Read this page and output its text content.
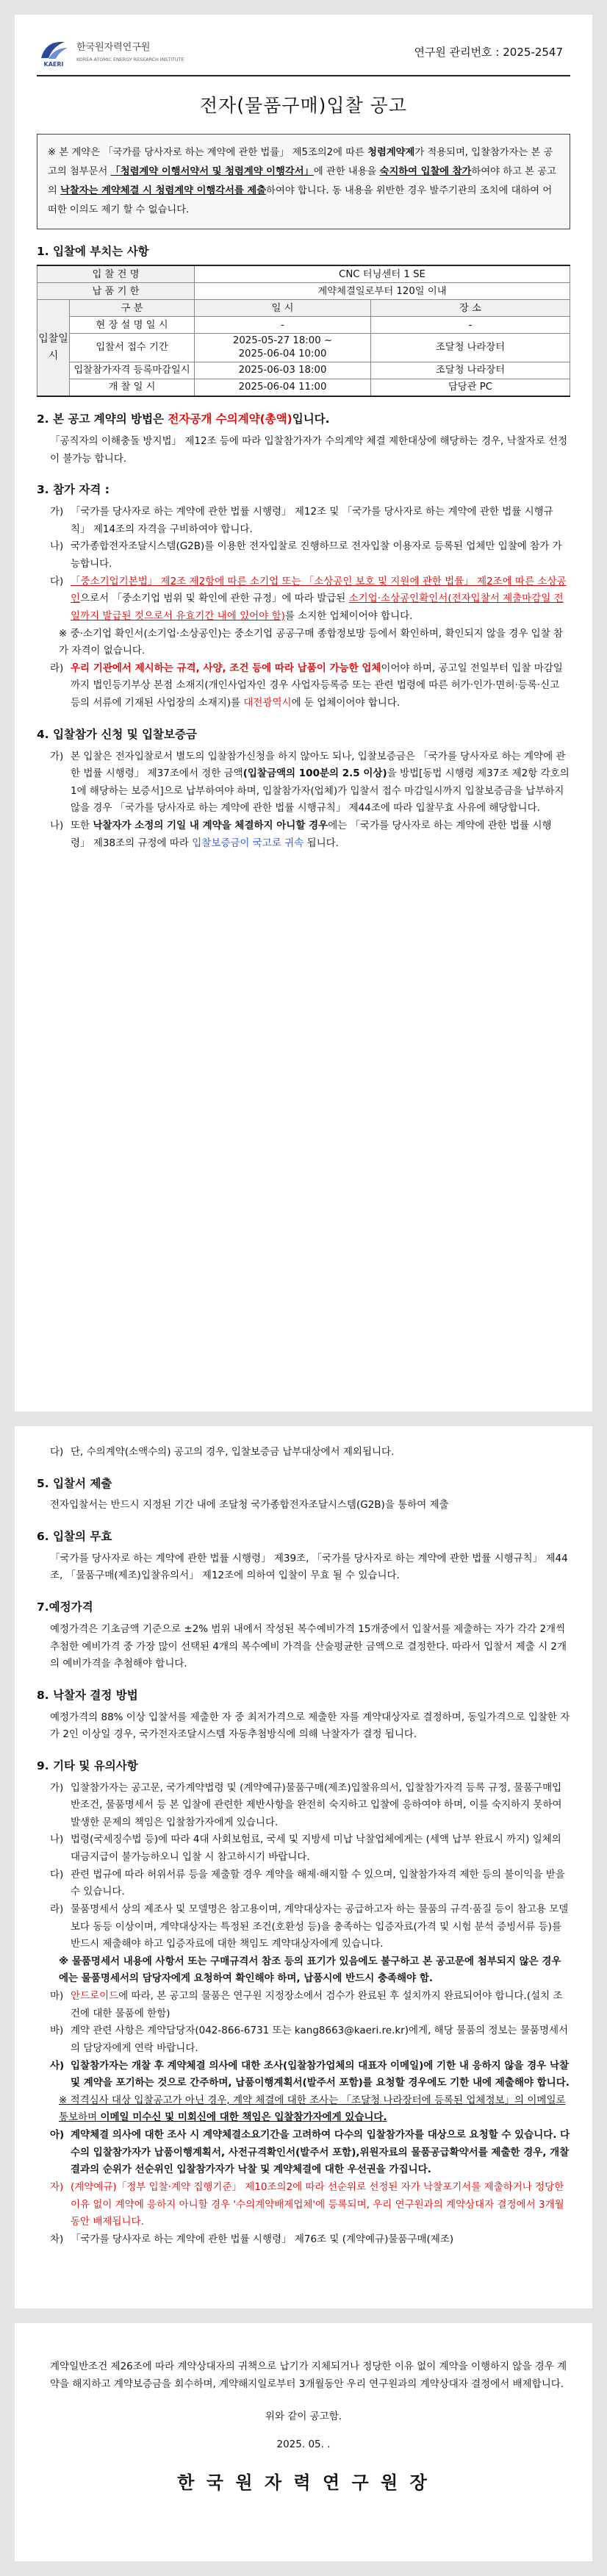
KAERI
한국원자력연구원
KOREA ATOMIC ENERGY RESEARCH INSTITUTE
연구원 관리번호 : 2025-2547
전자(물품구매)입찰 공고
※ 본 계약은 「국가를 당사자로 하는 계약에 관한 법률」 제5조의2에 따른 청렴계약제가 적용되며, 입찰참가자는 본 공고의 첨부문서 「청렴계약 이행서약서 및 청렴계약 이행각서」에 관한 내용을 숙지하여 입찰에 참가하여야 하고 본 공고의 낙찰자는 계약체결 시 청렴계약 이행각서를 제출하여야 합니다. 동 내용을 위반한 경우 발주기관의 조치에 대하여 어떠한 이의도 제기 할 수 없습니다.
1. 입찰에 부치는 사항
입 찰 건 명		CNC 터닝센터 1 SE	
납 품 기 한		계약체결일로부터 120일 이내	
입찰일시	구 분	일 시	장 소
	현 장 설 명 일 시	-	-
	입찰서 접수 기간	2025-05-27 18:00 ~
2025-06-04 10:00	조달청 나라장터
	입찰참가자격 등록마감일시	2025-06-03 18:00	조달청 나라장터
	개 찰 일 시	2025-06-04 11:00	담당관 PC
2. 본 공고 계약의 방법은 전자공개 수의계약(총액)입니다.

「공직자의 이해충돌 방지법」 제12조 등에 따라 입찰참가자가 수의계약 체결 제한대상에 해당하는 경우, 낙찰자로 선정이 불가능 합니다.

3. 참가 자격 :
가) 「국가를 당사자로 하는 계약에 관한 법률 시행령」 제12조 및 「국가를 당사자로 하는 계약에 관한 법률 시행규칙」 제14조의 자격을 구비하여야 합니다.
나) 국가종합전자조달시스템(G2B)를 이용한 전자입찰로 진행하므로 전자입찰 이용자로 등록된 업체만 입찰에 참가 가능합니다.
다) 「중소기업기본법」 제2조 제2항에 따른 소기업 또는 「소상공인 보호 및 지원에 관한 법률」 제2조에 따른 소상공인으로서 「중소기업 범위 및 확인에 관한 규정」에 따라 발급된 소기업·소상공인확인서(전자입찰서 제출마감일 전일까지 발급된 것으로서 유효기간 내에 있어야 함)를 소지한 업체이어야 합니다.
※ 중·소기업 확인서(소기업·소상공인)는 중소기업 공공구매 종합정보망 등에서 확인하며, 확인되지 않을 경우 입찰 참가 자격이 없습니다.
라) 우리 기관에서 제시하는 규격, 사양, 조건 등에 따라 납품이 가능한 업체이어야 하며, 공고일 전일부터 입찰 마감일까지 법인등기부상 본점 소재지(개인사업자인 경우 사업자등록증 또는 관련 법령에 따른 허가·인가·면허·등록·신고 등의 서류에 기재된 사업장의 소재지)를 대전광역시에 둔 업체이어야 합니다.
4. 입찰참가 신청 및 입찰보증금
가) 본 입찰은 전자입찰로서 별도의 입찰참가신청을 하지 않아도 되나, 입찰보증금은 「국가를 당사자로 하는 계약에 관한 법률 시행령」 제37조에서 정한 금액(입찰금액의 100분의 2.5 이상)을 방법[동법 시행령 제37조 제2항 각호의 1에 해당하는 보증서]으로 납부하여야 하며, 입찰참가자(업체)가 입찰서 접수 마감일시까지 입찰보증금을 납부하지 않을 경우 「국가를 당사자로 하는 계약에 관한 법률 시행규칙」 제44조에 따라 입찰무효 사유에 해당합니다.
나) 또한 낙찰자가 소정의 기일 내 계약을 체결하지 아니할 경우에는 「국가를 당사자로 하는 계약에 관한 법률 시행령」 제38조의 규정에 따라 입찰보증금이 국고로 귀속 됩니다.
다) 단, 수의계약(소액수의) 공고의 경우, 입찰보증금 납부대상에서 제외됩니다.
5. 입찰서 제출

전자입찰서는 반드시 지정된 기간 내에 조달청 국가종합전자조달시스템(G2B)을 통하여 제출

6. 입찰의 무효

「국가를 당사자로 하는 계약에 관한 법률 시행령」 제39조, 「국가를 당사자로 하는 계약에 관한 법률 시행규칙」 제44조, 「물품구매(제조)입찰유의서」 제12조에 의하여 입찰이 무효 될 수 있습니다.

7.예정가격

예정가격은 기초금액 기준으로 ±2% 범위 내에서 작성된 복수예비가격 15개중에서 입찰서를 제출하는 자가 각각 2개씩 추첨한 예비가격 중 가장 많이 선택된 4개의 복수예비 가격을 산술평균한 금액으로 결정한다. 따라서 입찰서 제출 시 2개의 예비가격을 추첨해야 합니다.

8. 낙찰자 결정 방법

예정가격의 88% 이상 입찰서를 제출한 자 중 최저가격으로 제출한 자를 계약대상자로 결정하며, 동일가격으로 입찰한 자가 2인 이상일 경우, 국가전자조달시스템 자동추첨방식에 의해 낙찰자가 결정 됩니다.

9. 기타 및 유의사항
가) 입찰참가자는 공고문, 국가계약법령 및 (계약예규)물품구매(제조)입찰유의서, 입찰참가자격 등록 규정, 물품구매입반조건, 물품명세서 등 본 입찰에 관련한 제반사항을 완전히 숙지하고 입찰에 응하여야 하며, 이를 숙지하지 못하여 발생한 문제의 책임은 입찰참가자에게 있습니다.
나) 법령(국세징수법 등)에 따라 4대 사회보험료, 국세 및 지방세 미납 낙찰업체에게는 (세액 납부 완료시 까지) 일체의 대금지급이 불가능하오니 입찰 시 참고하시기 바랍니다.
다) 관련 법규에 따라 허위서류 등을 제출할 경우 계약을 해제·해지할 수 있으며, 입찰참가자격 제한 등의 불이익을 받을 수 있습니다.
라) 물품명세서 상의 제조사 및 모델명은 참고용이며, 계약대상자는 공급하고자 하는 물품의 규격·품질 등이 참고용 모델보다 동등 이상이며, 계약대상자는 특정된 조건(호환성 등)을 충족하는 입증자료(가격 및 시험 분석 증빙서류 등)를 반드시 제출해야 하고 입증자료에 대한 책임도 계약대상자에게 있습니다.
※ 물품명세서 내용에 사항서 또는 구매규격서 참조 등의 표기가 있음에도 불구하고 본 공고문에 첨부되지 않은 경우에는 물품명세서의 담당자에게 요청하여 확인해야 하며, 납품시에 반드시 충족해야 함.
마) 안드로이드에 따라, 본 공고의 물품은 연구원 지정장소에서 검수가 완료된 후 설치까지 완료되어야 합니다.(설치 조건에 대한 물품에 한함)
바) 계약 관련 사항은 계약담당자(042-866-6731 또는 kang8663@kaeri.re.kr)에게, 해당 물품의 정보는 물품명세서의 담당자에게 연락 바랍니다.
사) 입찰참가자는 개찰 후 계약체결 의사에 대한 조사(입찰참가업체의 대표자 이메일)에 기한 내 응하지 않을 경우 낙찰 및 계약을 포기하는 것으로 간주하며, 납품이행계획서(발주서 포함)를 요청할 경우에도 기한 내에 제출해야 합니다.
※ 적격심사 대상 입찰공고가 아닌 경우, 계약 체결에 대한 조사는 「조달청 나라장터에 등록된 업체정보」의 이메일로 통보하며 이메일 미수신 및 미회신에 대한 책임은 입찰참가자에게 있습니다.
아) 계약체결 의사에 대한 조사 시 계약체결소요기간을 고려하여 다수의 입찰참가자를 대상으로 요청할 수 있습니다. 다수의 입찰참가자가 납품이행계획서, 사전규격확인서(발주서 포함),위원자료의 물품공급확약서를 제출한 경우, 개찰결과의 순위가 선순위인 입찰참가자가 낙찰 및 계약체결에 대한 우선권을 가집니다.
자) (계약예규)「정부 입찰·계약 집행기준」 제10조의2에 따라 선순위로 선정된 자가 낙찰포기서를 제출하거나 정당한 이유 없이 계약에 응하지 아니할 경우 '수의계약배제업체'에 등록되며, 우리 연구원과의 계약상대자 결정에서 3개월동안 배제됩니다.
차) 「국가를 당사자로 하는 계약에 관한 법률 시행령」 제76조 및 (계약예규)물품구매(제조)

계약일반조건 제26조에 따라 계약상대자의 귀책으로 납기가 지체되거나 정당한 이유 없이 계약을 이행하지 않을 경우 계약을 해지하고 계약보증금을 회수하며, 계약해지일로부터 3개월동안 우리 연구원과의 계약상대자 결정에서 배제합니다.

위와 같이 공고함.
2025. 05. .
한 국 원 자 력 연 구 원 장
